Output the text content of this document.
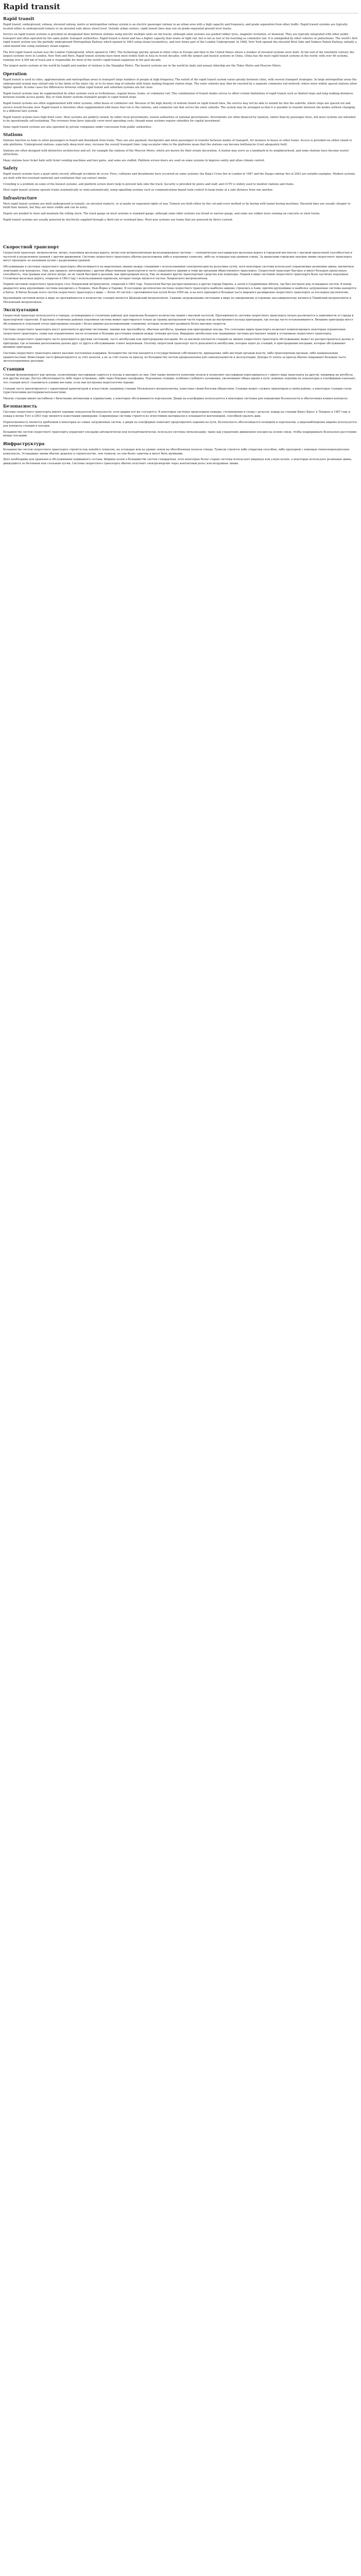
Rapid transit
Rapid transit

Rapid transit, underground, subway, elevated railway, metro or metropolitan railway system is an electric passenger railway in an urban area with a high capacity and frequency, and grade separation from other traffic. Rapid transit systems are typically located either in underground tunnels or on elevated rails above street level. Outside urban centers, rapid transit lines may run on grade-separated ground level tracks.

Service on rapid transit systems is provided on designated lines between stations using electric multiple units on rail tracks, although some systems use guided rubber tyres, magnetic levitation, or monorail. They are typically integrated with other public transport and often operated by the same public transport authorities. Rapid transit is faster and has a higher capacity than trams or light rail, but is not as fast or far-reaching as commuter rail. It is unimpeded by other vehicles or pedestrians. The world's first rapid transit system was the partially underground Metropolitan Railway which opened in 1863 using steam locomotives, and now forms part of the London Underground. In 1868, New York opened the elevated West Side and Yonkers Patent Railway, initially a cable-hauled line using stationary steam engines.

The first rapid transit system was the London Underground, which opened in 1863. The technology quickly spread to other cities in Europe and then to the United States where a number of elevated systems were built. At the end of the twentieth century, the largest systems were in London, New York and Paris. Rapid transit systems have been most widely built in Asia in recent decades, with the largest and busiest systems in China. China has the most rapid transit systems in the world, with over 40 systems, running over 4,500 km of track and is responsible for most of the world's rapid-transit expansion in the past decade.

The largest metro systems in the world by length and number of stations is the Shanghai Metro. The busiest systems are in the world by daily and annual ridership are the Tokyo Metro and Moscow Metro.

Operation

Rapid transit is used in cities, agglomerations and metropolitan areas to transport large numbers of people at high frequency. The extent of the rapid transit system varies greatly between cities, with several transport strategies. In large metropolitan areas the underground system may extend only to the limits of the inner city, or to its inner ring of suburbs with trains making frequent station stops. The outer suburbs may then be reached by a separate commuter rail network, where more widely spaced stations allow higher speeds. In some cases the differences between urban rapid transit and suburban systems are not clear.

Rapid transit systems may be supplemented by other systems such as trolleybuses, regular buses, trams, or commuter rail. This combination of transit modes serves to offset certain limitations of rapid transit such as limited stops and long walking distances between outside access points. Bus or tram feeder systems transport people to rapid transit stops.

Rapid transit systems are often supplemented with other systems, often buses or commuter rail. Because of the high density of stations found on rapid transit lines, the service may not be able to extend far into the suburbs, where stops are spaced out and service would become slow. Rapid transit is therefore often supplemented with buses that run to the stations, and commuter rail that serves the outer suburbs. The system may be arranged so that it is possible to transfer between the modes without changing to a different fare system.

Rapid transit systems have high fixed costs. Most systems are publicly owned, by either local governments, transit authorities or national governments. Investments are often financed by taxation, rather than by passenger fares, but most systems are intended to be operationally self-sustaining. The revenues from fares typically cover most operating costs, though many systems require subsidies for capital investment.

Some rapid transit systems are also operated by private companies under concession from public authorities.

Stations

Stations function as hubs to allow passengers to board and disembark from trains. They are also payment checkpoints and allow passengers to transfer between modes of transport, for instance to buses or other trains. Access is provided via either island or side platforms. Underground stations, especially deep-level ones, increase the overall transport time: long escalator rides to the platforms mean that the stations can become bottlenecks if not adequately built.

Stations are often designed with distinctive architecture and art, for example the stations of the Moscow Metro, which are known for their ornate decoration. A station may serve as a landmark in its neighbourhood, and some stations have become tourist attractions.

Many stations have ticket halls with ticket vending machines and fare gates, and some are staffed. Platform screen doors are used on some systems to improve safety and allow climate control.

Safety

Rapid transit systems have a good safety record, although accidents do occur. Fires, collisions and derailments have occurred on some systems; the King's Cross fire in London in 1987 and the Daegu subway fire in 2003 are notable examples. Modern systems are built with fire-resistant materials and ventilation that can extract smoke.

Crowding is a problem on some of the busiest systems, and platform screen doors help to prevent falls onto the track. Security is provided by police and staff, and CCTV is widely used to monitor stations and trains.

Most rapid transit systems operate trains automatically or semi-automatically, using signalling systems such as communications-based train control to keep trains at a safe distance from one another.

Infrastructure

Most rapid transit systems are built underground in tunnels, on elevated viaducts, or at grade on separated rights of way. Tunnels are built either by the cut-and-cover method or by boring with tunnel boring machines. Elevated lines are usually cheaper to build than tunnels, but they are more visible and can be noisy.

Depots are needed to store and maintain the rolling stock. The track gauge on most systems is standard gauge, although some older systems use broad or narrow gauge, and some use rubber tyres running on concrete or steel tracks.

Rapid transit systems are usually powered by electricity supplied through a third rail or overhead lines. Most new systems use trains that are powered by direct current.

Скоростной транспорт

Скоростной транспорт, метрополитен, метро, подземная железная дорога, метро или метрополитенная железнодорожная система — электрическая пассажирская железная дорога в городской местности с высокой пропускной способностью и частотой и разделением уровней с другим движением. Системы скоростного транспорта обычно расположены либо в подземных туннелях, либо на эстакадах над уровнем улицы. За пределами городских центров линии скоростного транспорта могут проходить по наземным путям с разделением уровней.

Обслуживание в системах скоростного транспорта обеспечивается на выделенных линиях между станциями с использованием электропоездов на рельсовых путях, хотя некоторые системы используют управляемые резиновые шины, магнитную левитацию или монорельс. Они, как правило, интегрированы с другим общественным транспортом и часто управляются одними и теми же органами общественного транспорта. Скоростной транспорт быстрее и имеет большую пропускную способность, чем трамваи или лёгкое метро, но не такой быстрый и дальний, как пригородный поезд. Ему не мешают другие транспортные средства или пешеходы. Первой в мире системой скоростного транспорта была частично подземная Столичная железная дорога, открытая в 1863 году с использованием паровозов, которая теперь является частью Лондонского метрополитена.

Первой системой скоростного транспорта стал Лондонский метрополитен, открытый в 1863 году. Технология быстро распространилась в другие города Европы, а затем в Соединённые Штаты, где был построен ряд эстакадных систем. В конце двадцатого века крупнейшие системы находились в Лондоне, Нью-Йорке и Париже. В последние десятилетия системы скоростного транспорта наиболее широко строились в Азии, причём крупнейшие и наиболее загруженные системы находятся в Китае. В Китае больше всего систем скоростного транспорта в мире — более 40 систем с протяжённостью путей более 4500 км, и на него приходится большая часть мирового расширения скоростного транспорта за последнее десятилетие.

Крупнейшей системой метро в мире по протяжённости и количеству станций является Шанхайский метрополитен. Самыми загруженными системами в мире по ежедневному и годовому пассажиропотоку являются Токийский метрополитен и Московский метрополитен.

Эксплуатация

Скоростной транспорт используется в городах, агломерациях и столичных районах для перевозки большого количества людей с высокой частотой. Протяжённость системы скоростного транспорта сильно различается в зависимости от города и транспортной стратегии. В крупных столичных районах подземная система может простираться только до границ центральной части города или до внутреннего кольца пригородов, где поезда часто останавливаются. Внешние пригороды могут обслуживаться отдельной сетью пригородных поездов с более широко расположенными станциями, которые позволяют развивать более высокие скорости.

Системы скоростного транспорта могут дополняться другими системами, такими как троллейбусы, обычные автобусы, трамваи или пригородные поезда. Это сочетание видов транспорта позволяет компенсировать некоторые ограничения скоростного транспорта, такие как ограниченное число остановок и большие расстояния пешком между точками доступа. Фидерные автобусные или трамвайные системы доставляют людей к остановкам скоростного транспорта.

Системы скоростного транспорта часто дополняются другими системами, часто автобусами или пригородными поездами. Из-за высокой плотности станций на линиях скоростного транспорта обслуживание может не распространяться далеко в пригороды, где остановки расположены далеко друг от друга и обслуживание станет медленным. Поэтому скоростной транспорт часто дополняется автобусами, которые ходят до станций, и пригородными поездами, которые обслуживают внешние пригороды.

Системы скоростного транспорта имеют высокие постоянные издержки. Большинство систем находятся в государственной собственности, принадлежа либо местным органам власти, либо транспортным органам, либо национальным правительствам. Инвестиции часто финансируются за счёт налогов, а не за счёт платы за проезд, но большинство систем предназначены для самоокупаемости в эксплуатации. Доходы от платы за проезд обычно покрывают большую часть эксплуатационных расходов.

Станции

Станции функционируют как центры, позволяющие пассажирам садиться в поезда и выходить из них. Они также являются пунктами оплаты и позволяют пассажирам пересаживаться с одного вида транспорта на другой, например на автобусы или другие поезда. Доступ обеспечивается либо через островные, либо через боковые платформы. Подземные станции, особенно глубокого заложения, увеличивают общее время в пути: длинные подъёмы на эскалаторах к платформам означают, что станции могут становиться узкими местами, если они построены недостаточно хорошо.

Станции часто проектируются с характерной архитектурой и искусством, например станции Московского метрополитена, известные своим богатым убранством. Станция может служить ориентиром в своём районе, а некоторые станции стали туристическими достопримечательностями.

Многие станции имеют вестибюли с билетными автоматами и турникетами, а некоторые обслуживаются персоналом. Двери на платформах используются в некоторых системах для повышения безопасности и обеспечения климат-контроля.

Безопасность

Системы скоростного транспорта имеют хорошие показатели безопасности, хотя аварии всё же случаются. В некоторых системах происходили пожары, столкновения и сходы с рельсов; пожар на станции Кингс-Кросс в Лондоне в 1987 году и пожар в метро Тэгу в 2003 году являются известными примерами. Современные системы строятся из огнестойких материалов и оснащаются вентиляцией, способной удалять дым.

Переполненность является проблемой в некоторых из самых загруженных систем, а двери на платформах помогают предотвратить падения на пути. Безопасность обеспечивается полицией и персоналом, а видеонаблюдение широко используется для контроля станций и поездов.

Большинство систем скоростного транспорта управляют поездами автоматически или полуавтоматически, используя системы сигнализации, такие как управление движением поездов на основе связи, чтобы поддерживать безопасное расстояние между поездами.

Инфраструктура

Большинство систем скоростного транспорта строятся под землёй в туннелях, на эстакадах или на уровне земли на обособленных полосах отвода. Туннели строятся либо открытым способом, либо проходкой с помощью тоннелепроходческих комплексов. Эстакадные линии обычно дешевле в строительстве, чем туннели, но они более заметны и могут быть шумными.

Депо необходимы для хранения и обслуживания подвижного состава. Ширина колеи в большинстве систем стандартная, хотя некоторые более старые системы используют широкую или узкую колею, а некоторые используют резиновые шины, движущиеся по бетонным или стальным путям. Системы скоростного транспорта обычно получают электроэнергию через контактный рельс или воздушные линии.
